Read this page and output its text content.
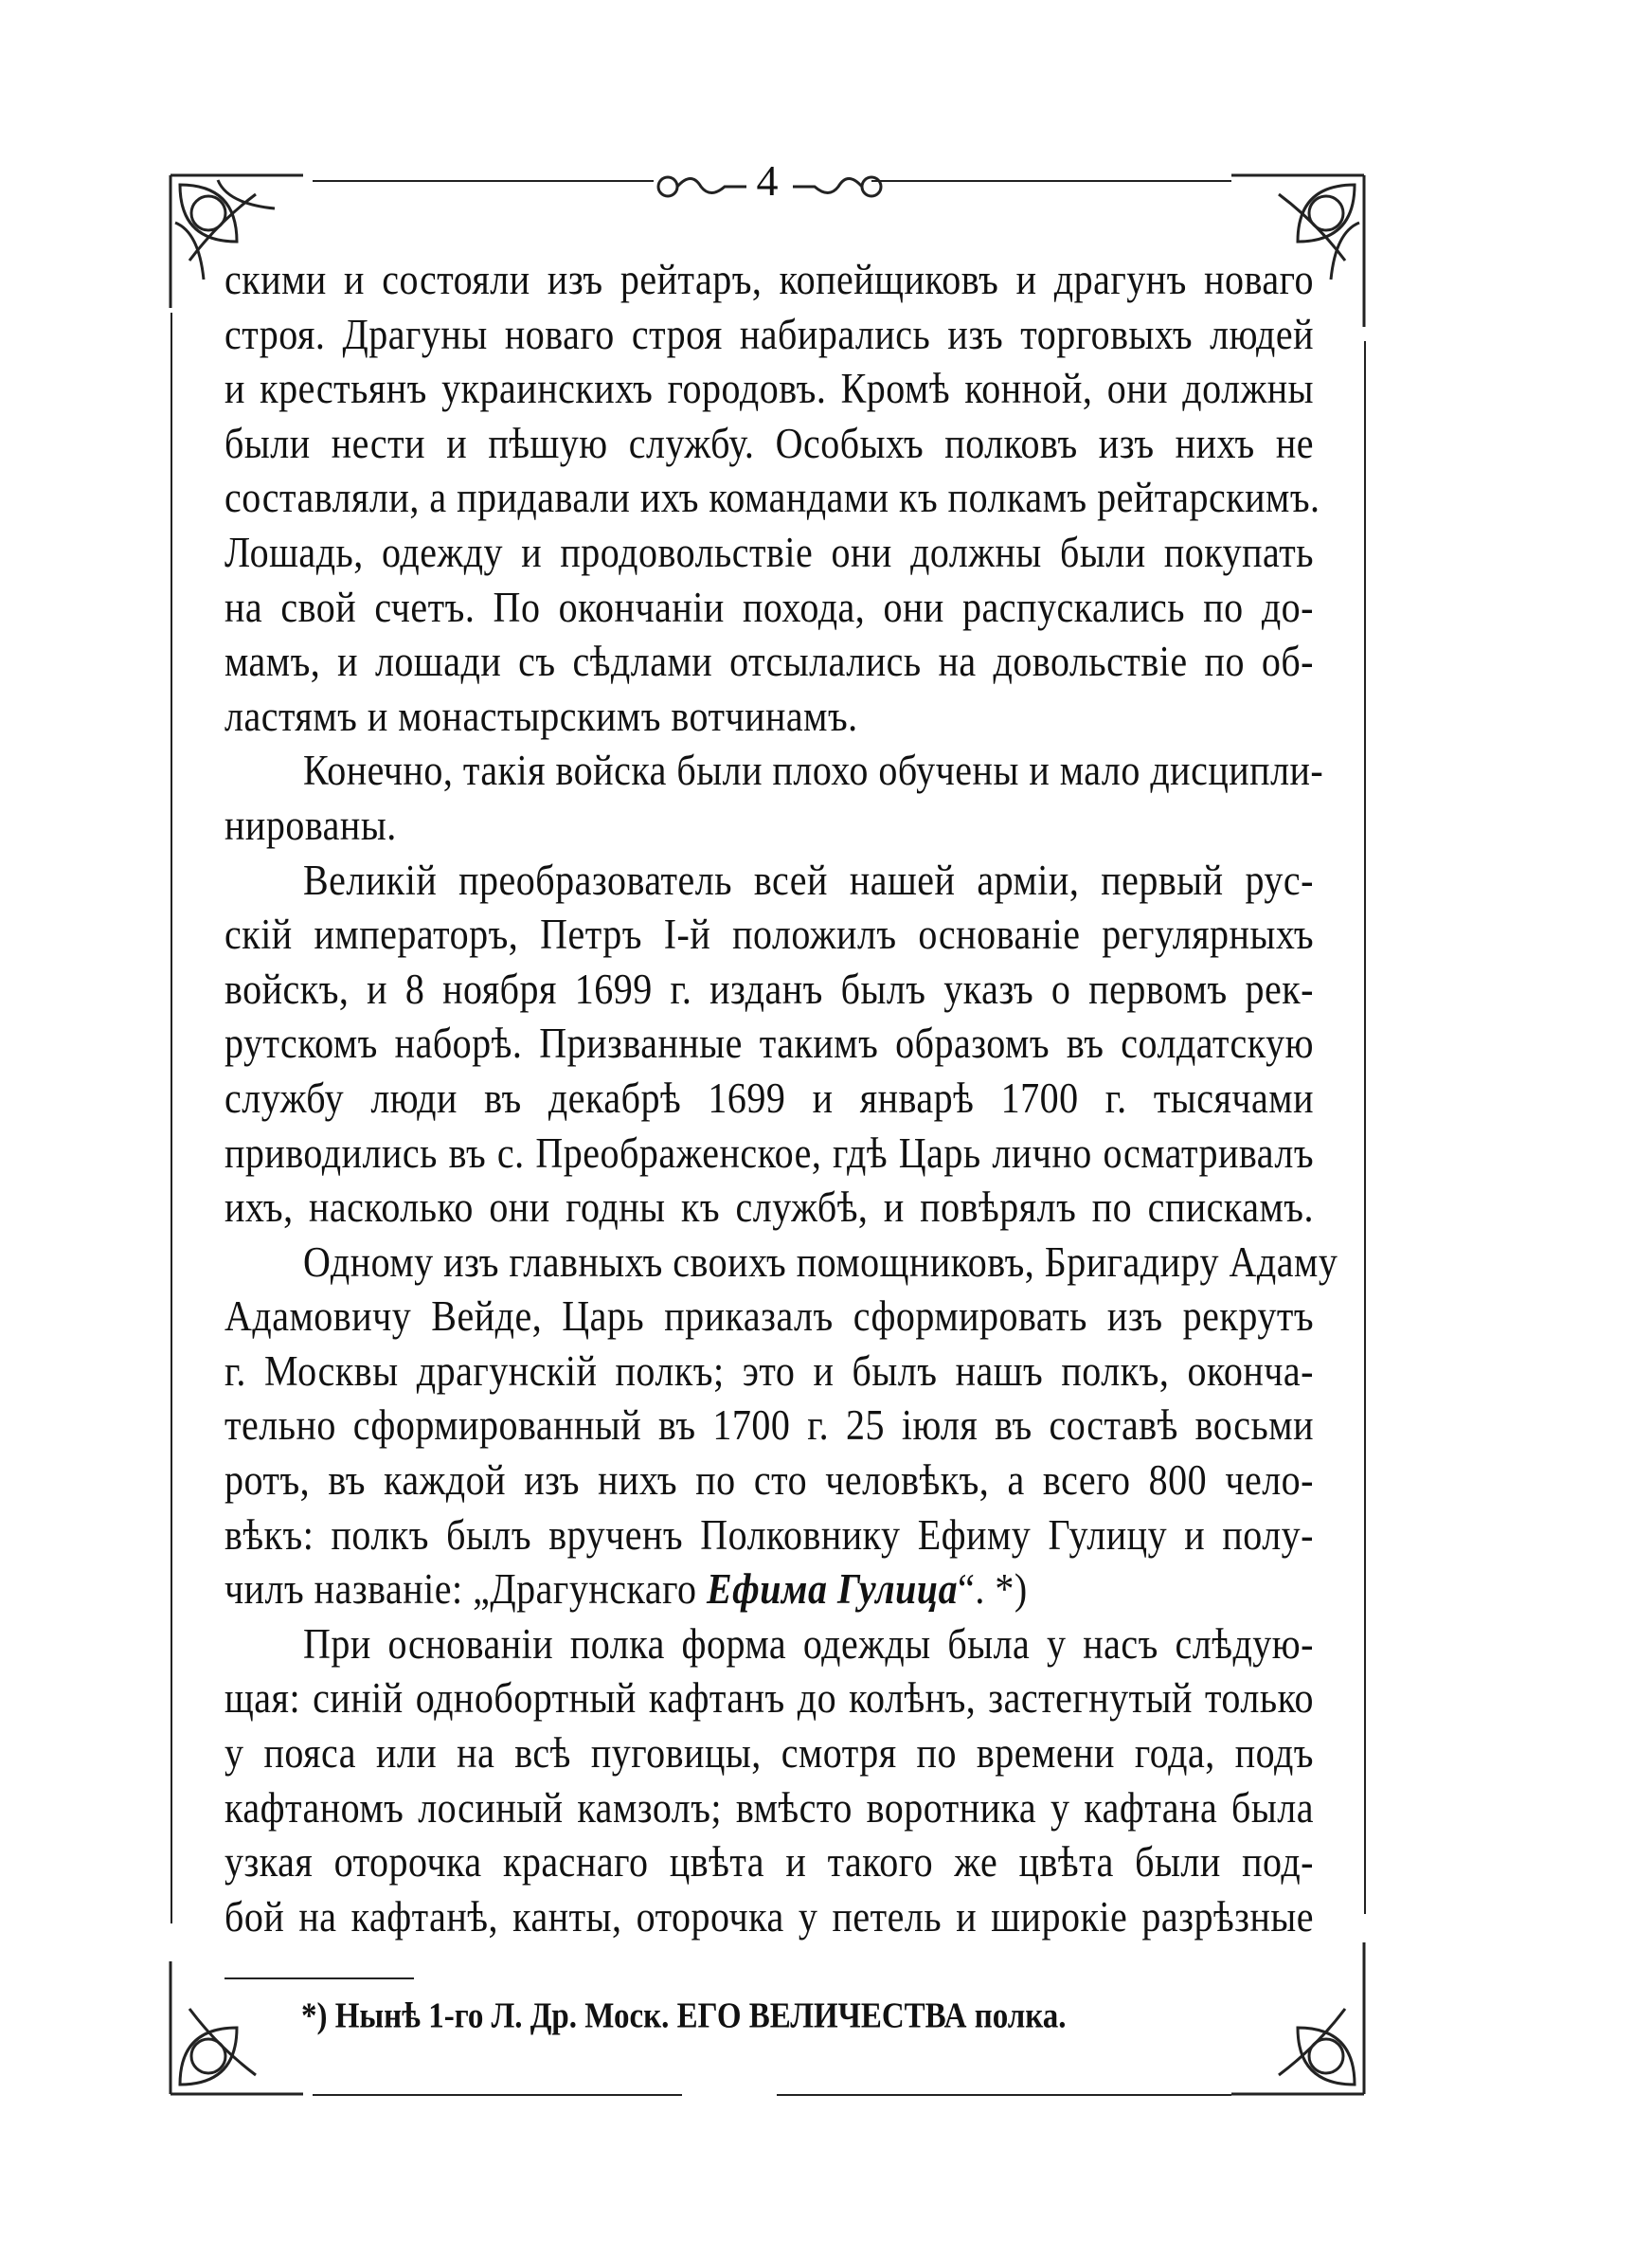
4
скими и состояли изъ рейтаръ, копейщиковъ и драгунъ новаго
строя. Драгуны новаго строя набирались изъ торговыхъ людей
и крестьянъ украинскихъ городовъ. Кромѣ конной, они должны
были нести и пѣшую службу. Особыхъ полковъ изъ нихъ не
составляли, а придавали ихъ командами къ полкамъ рейтарскимъ.
Лошадь, одежду и продовольствіе они должны были покупать
на свой счетъ. По окончаніи похода, они распускались по до-
мамъ, и лошади съ сѣдлами отсылались на довольствіе по об-
ластямъ и монастырскимъ вотчинамъ.
Конечно, такія войска были плохо обучены и мало дисципли-
нированы.
Великій преобразователь всей нашей арміи, первый рус-
скій императоръ, Петръ I-й положилъ основаніе регулярныхъ
войскъ, и 8 ноября 1699 г. изданъ былъ указъ о первомъ рек-
рутскомъ наборѣ. Призванные такимъ образомъ въ солдатскую
службу люди въ декабрѣ 1699 и январѣ 1700 г. тысячами
приводились въ с. Преображенское, гдѣ Царь лично осматривалъ
ихъ, насколько они годны къ службѣ, и повѣрялъ по спискамъ.
Одному изъ главныхъ своихъ помощниковъ, Бригадиру Адаму
Адамовичу Вейде, Царь приказалъ сформировать изъ рекрутъ
г. Москвы драгунскій полкъ; это и былъ нашъ полкъ, оконча-
тельно сформированный въ 1700 г. 25 іюля въ составѣ восьми
ротъ, въ каждой изъ нихъ по сто человѣкъ, а всего 800 чело-
вѣкъ: полкъ былъ врученъ Полковнику Ефиму Гулицу и полу-
чилъ названіе: „Драгунскаго Ефима Гулица“. *)
При основаніи полка форма одежды была у насъ слѣдую-
щая: синій однобортный кафтанъ до колѣнъ, застегнутый только
у пояса или на всѣ пуговицы, смотря по времени года, подъ
кафтаномъ лосиный камзолъ; вмѣсто воротника у кафтана была
узкая оторочка краснаго цвѣта и такого же цвѣта были под-
бой на кафтанѣ, канты, оторочка у петель и широкіе разрѣзные
*) Нынѣ 1-го Л. Др. Моск. ЕГО ВЕЛИЧЕСТВА полка.
